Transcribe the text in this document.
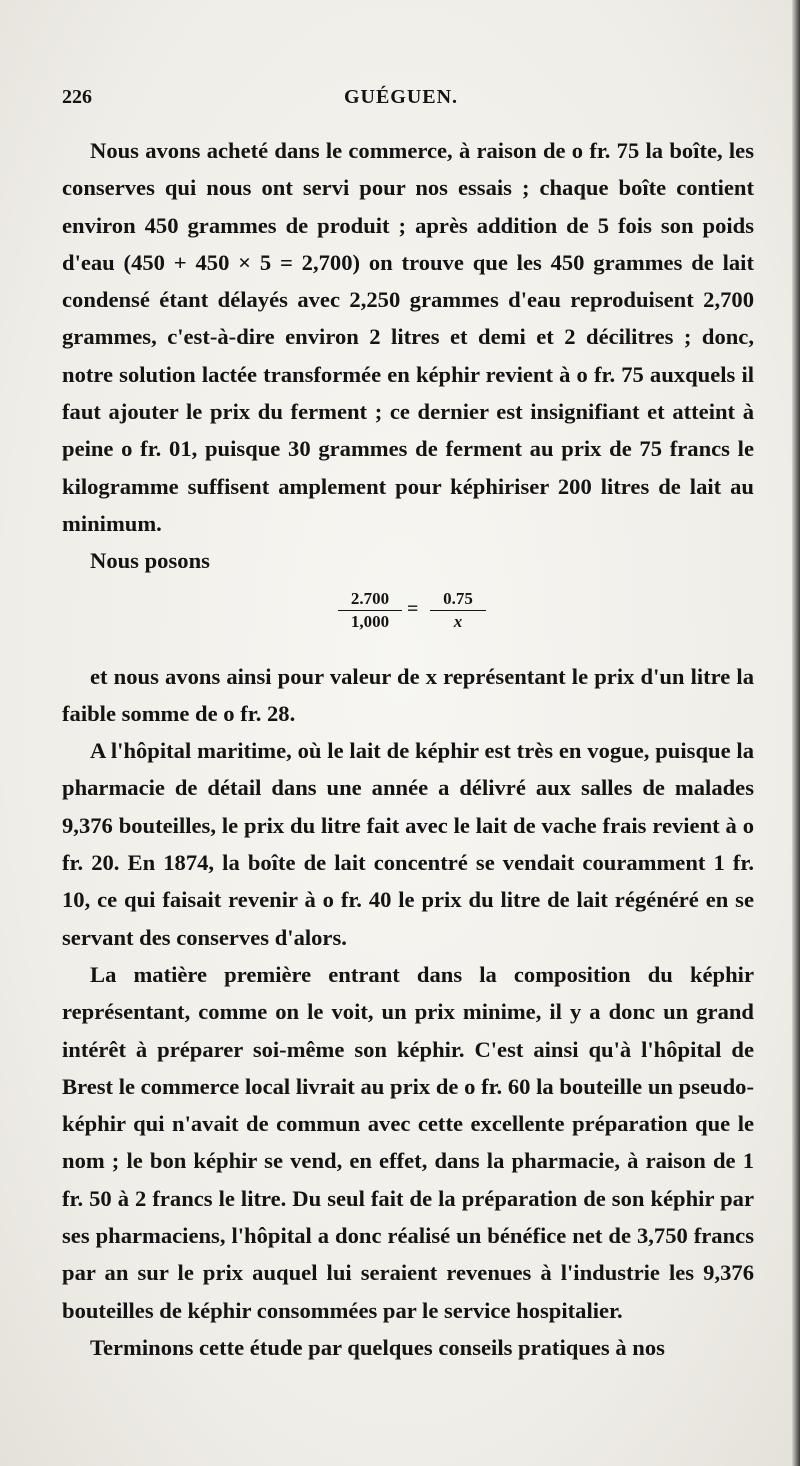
226	GUÉGUEN.

Nous avons acheté dans le commerce, à raison de o fr. 75 la boîte, les conserves qui nous ont servi pour nos essais ; chaque boîte contient environ 450 grammes de produit ; après addition de 5 fois son poids d'eau (450 + 450 × 5 = 2,700) on trouve que les 450 grammes de lait condensé étant délayés avec 2,250 grammes d'eau reproduisent 2,700 grammes, c'est-à-dire environ 2 litres et demi et 2 décilitres ; donc, notre solution lactée transformée en képhir revient à o fr. 75 auxquels il faut ajouter le prix du ferment ; ce dernier est insignifiant et atteint à peine o fr. 01, puisque 30 grammes de ferment au prix de 75 francs le kilogramme suffisent amplement pour képhiriser 200 litres de lait au minimum.

Nous posons

$\frac{2.700}{1,000} = \frac{0.75}{x}$

et nous avons ainsi pour valeur de x représentant le prix d'un litre la faible somme de o fr. 28.

A l'hôpital maritime, où le lait de képhir est très en vogue, puisque la pharmacie de détail dans une année a délivré aux salles de malades 9,376 bouteilles, le prix du litre fait avec le lait de vache frais revient à o fr. 20. En 1874, la boîte de lait concentré se vendait couramment 1 fr. 10, ce qui faisait revenir à o fr. 40 le prix du litre de lait régénéré en se servant des conserves d'alors.

La matière première entrant dans la composition du képhir représentant, comme on le voit, un prix minime, il y a donc un grand intérêt à préparer soi-même son képhir. C'est ainsi qu'à l'hôpital de Brest le commerce local livrait au prix de o fr. 60 la bouteille un pseudo-képhir qui n'avait de commun avec cette excellente préparation que le nom ; le bon képhir se vend, en effet, dans la pharmacie, à raison de 1 fr. 50 à 2 francs le litre. Du seul fait de la préparation de son képhir par ses pharmaciens, l'hôpital a donc réalisé un bénéfice net de 3,750 francs par an sur le prix auquel lui seraient revenues à l'industrie les 9,376 bouteilles de képhir consommées par le service hospitalier.

Terminons cette étude par quelques conseils pratiques à nos
